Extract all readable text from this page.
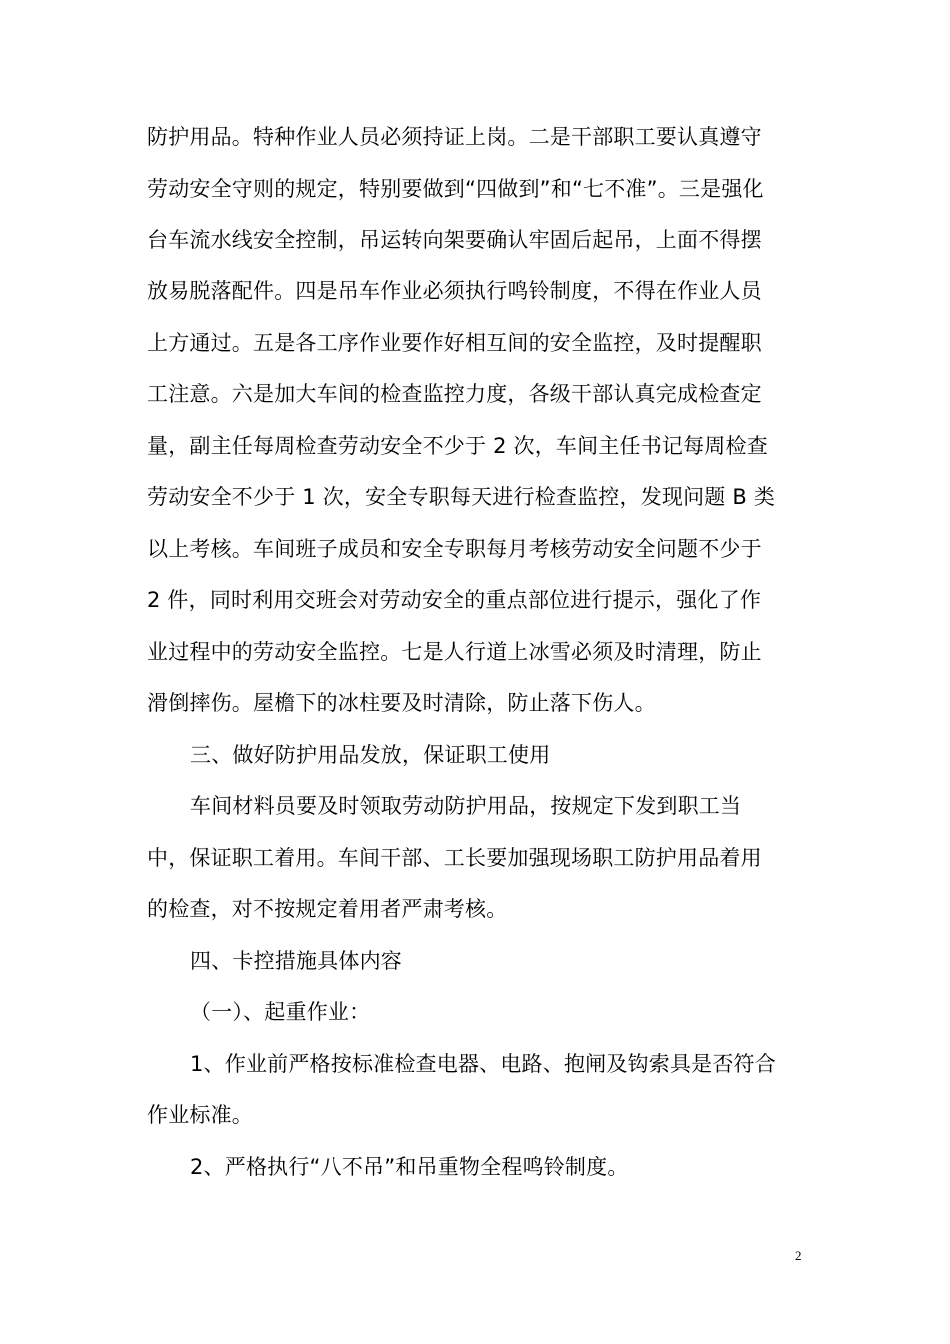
防护用品。特种作业人员必须持证上岗。二是干部职工要认真遵守
劳动安全守则的规定，特别要做到“四做到”和“七不准”。三是强化
台车流水线安全控制，吊运转向架要确认牢固后起吊，上面不得摆
放易脱落配件。四是吊车作业必须执行鸣铃制度，不得在作业人员
上方通过。五是各工序作业要作好相互间的安全监控，及时提醒职
工注意。六是加大车间的检查监控力度，各级干部认真完成检查定
量，副主任每周检查劳动安全不少于 2 次，车间主任书记每周检查
劳动安全不少于 1 次，安全专职每天进行检查监控，发现问题 B 类
以上考核。车间班子成员和安全专职每月考核劳动安全问题不少于
2 件，同时利用交班会对劳动安全的重点部位进行提示，强化了作
业过程中的劳动安全监控。七是人行道上冰雪必须及时清理，防止
滑倒摔伤。屋檐下的冰柱要及时清除，防止落下伤人。
三、做好防护用品发放，保证职工使用
车间材料员要及时领取劳动防护用品，按规定下发到职工当
中，保证职工着用。车间干部、工长要加强现场职工防护用品着用
的检查，对不按规定着用者严肃考核。
四、卡控措施具体内容
（一）、起重作业：
1、作业前严格按标准检查电器、电路、抱闸及钩索具是否符合
作业标准。
2、严格执行“八不吊”和吊重物全程鸣铃制度。
2
